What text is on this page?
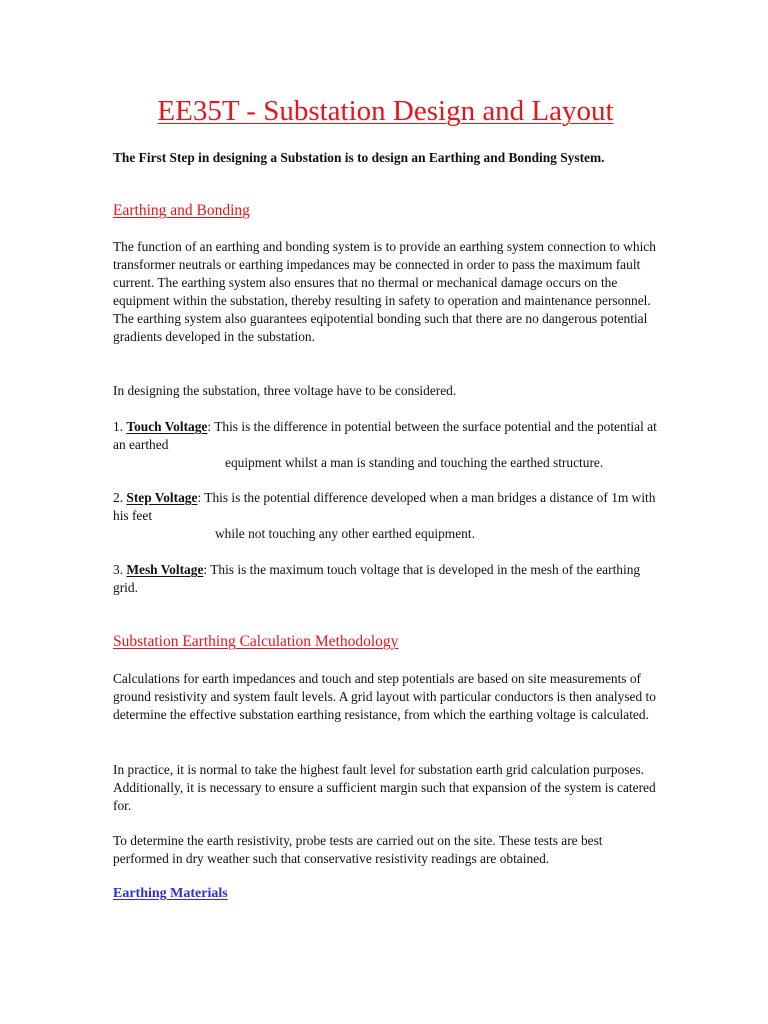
EE35T - Substation Design and Layout

The First Step in designing a Substation is to design an Earthing and Bonding System.

Earthing and Bonding

The function of an earthing and bonding system is to provide an earthing system connection to which transformer neutrals or earthing impedances may be connected in order to pass the maximum fault current. The earthing system also ensures that no thermal or mechanical damage occurs on the equipment within the substation, thereby resulting in safety to operation and maintenance personnel. The earthing system also guarantees eqipotential bonding such that there are no dangerous potential gradients developed in the substation.

In designing the substation, three voltage have to be considered.

1. Touch Voltage: This is the difference in potential between the surface potential and the potential at an earthed
equipment whilst a man is standing and touching the earthed structure.

2. Step Voltage: This is the potential difference developed when a man bridges a distance of 1m with his feet
while not touching any other earthed equipment.

3. Mesh Voltage: This is the maximum touch voltage that is developed in the mesh of the earthing grid.

Substation Earthing Calculation Methodology

Calculations for earth impedances and touch and step potentials are based on site measurements of ground resistivity and system fault levels. A grid layout with particular conductors is then analysed to determine the effective substation earthing resistance, from which the earthing voltage is calculated.

In practice, it is normal to take the highest fault level for substation earth grid calculation purposes. Additionally, it is necessary to ensure a sufficient margin such that expansion of the system is catered for.

To determine the earth resistivity, probe tests are carried out on the site. These tests are best performed in dry weather such that conservative resistivity readings are obtained.

Earthing Materials
